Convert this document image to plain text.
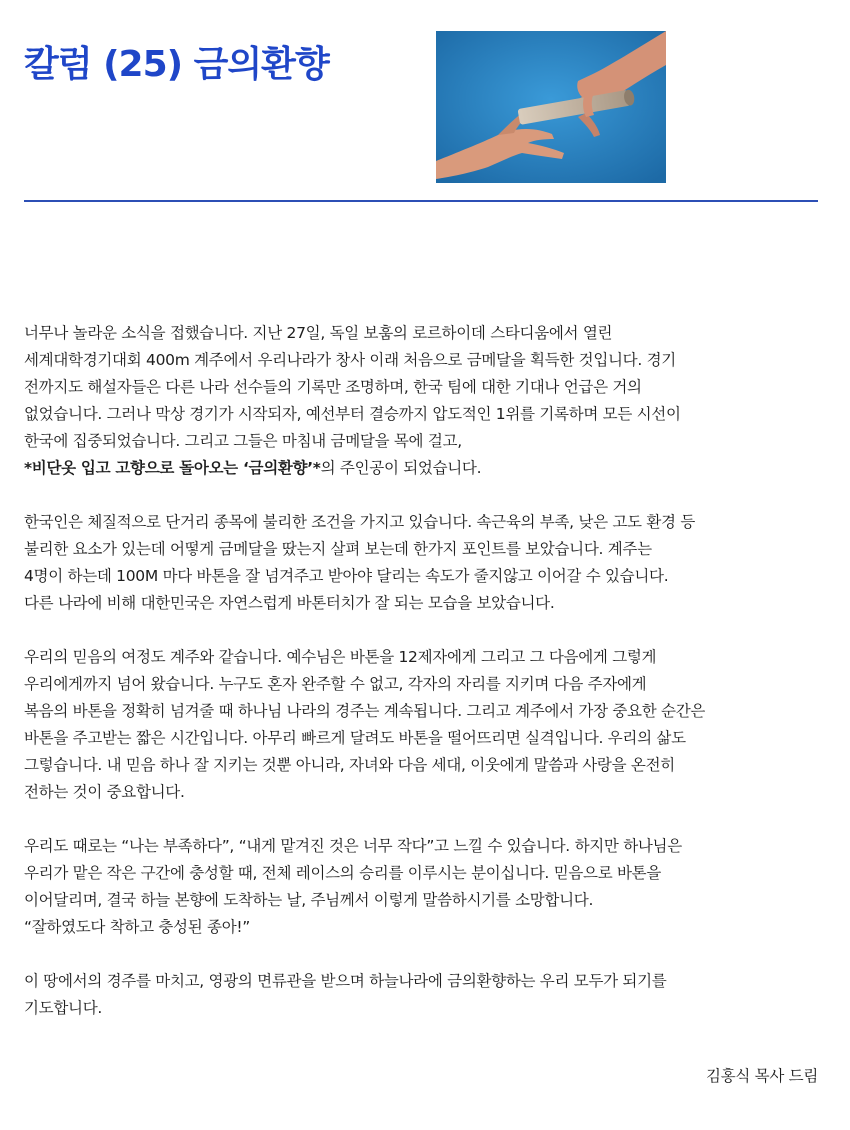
칼럼 (25) 금의환향

너무나 놀라운 소식을 접했습니다. 지난 27일, 독일 보훔의 로르하이데 스타디움에서 열린
세계대학경기대회 400m 계주에서 우리나라가 창사 이래 처음으로 금메달을 획득한 것입니다. 경기
전까지도 해설자들은 다른 나라 선수들의 기록만 조명하며, 한국 팀에 대한 기대나 언급은 거의
없었습니다. 그러나 막상 경기가 시작되자, 예선부터 결승까지 압도적인 1위를 기록하며 모든 시선이
한국에 집중되었습니다. 그리고 그들은 마침내 금메달을 목에 걸고,
*비단옷 입고 고향으로 돌아오는 ‘금의환향’*의 주인공이 되었습니다.

한국인은 체질적으로 단거리 종목에 불리한 조건을 가지고 있습니다. 속근육의 부족, 낮은 고도 환경 등
불리한 요소가 있는데 어떻게 금메달을 땄는지 살펴 보는데 한가지 포인트를 보았습니다. 계주는
4명이 하는데 100M 마다 바톤을 잘 넘겨주고 받아야 달리는 속도가 줄지않고 이어갈 수 있습니다.
다른 나라에 비해 대한민국은 자연스럽게 바톤터치가 잘 되는 모습을 보았습니다.

우리의 믿음의 여정도 계주와 같습니다. 예수님은 바톤을 12제자에게 그리고 그 다음에게 그렇게
우리에게까지 넘어 왔습니다. 누구도 혼자 완주할 수 없고, 각자의 자리를 지키며 다음 주자에게
복음의 바톤을 정확히 넘겨줄 때 하나님 나라의 경주는 계속됩니다. 그리고 계주에서 가장 중요한 순간은
바톤을 주고받는 짧은 시간입니다. 아무리 빠르게 달려도 바톤을 떨어뜨리면 실격입니다. 우리의 삶도
그렇습니다. 내 믿음 하나 잘 지키는 것뿐 아니라, 자녀와 다음 세대, 이웃에게 말씀과 사랑을 온전히
전하는 것이 중요합니다.

우리도 때로는 “나는 부족하다”, “내게 맡겨진 것은 너무 작다”고 느낄 수 있습니다. 하지만 하나님은
우리가 맡은 작은 구간에 충성할 때, 전체 레이스의 승리를 이루시는 분이십니다. 믿음으로 바톤을
이어달리며, 결국 하늘 본향에 도착하는 날, 주님께서 이렇게 말씀하시기를 소망합니다.
“잘하였도다 착하고 충성된 종아!”

이 땅에서의 경주를 마치고, 영광의 면류관을 받으며 하늘나라에 금의환향하는 우리 모두가 되기를
기도합니다.

김홍식 목사 드림
